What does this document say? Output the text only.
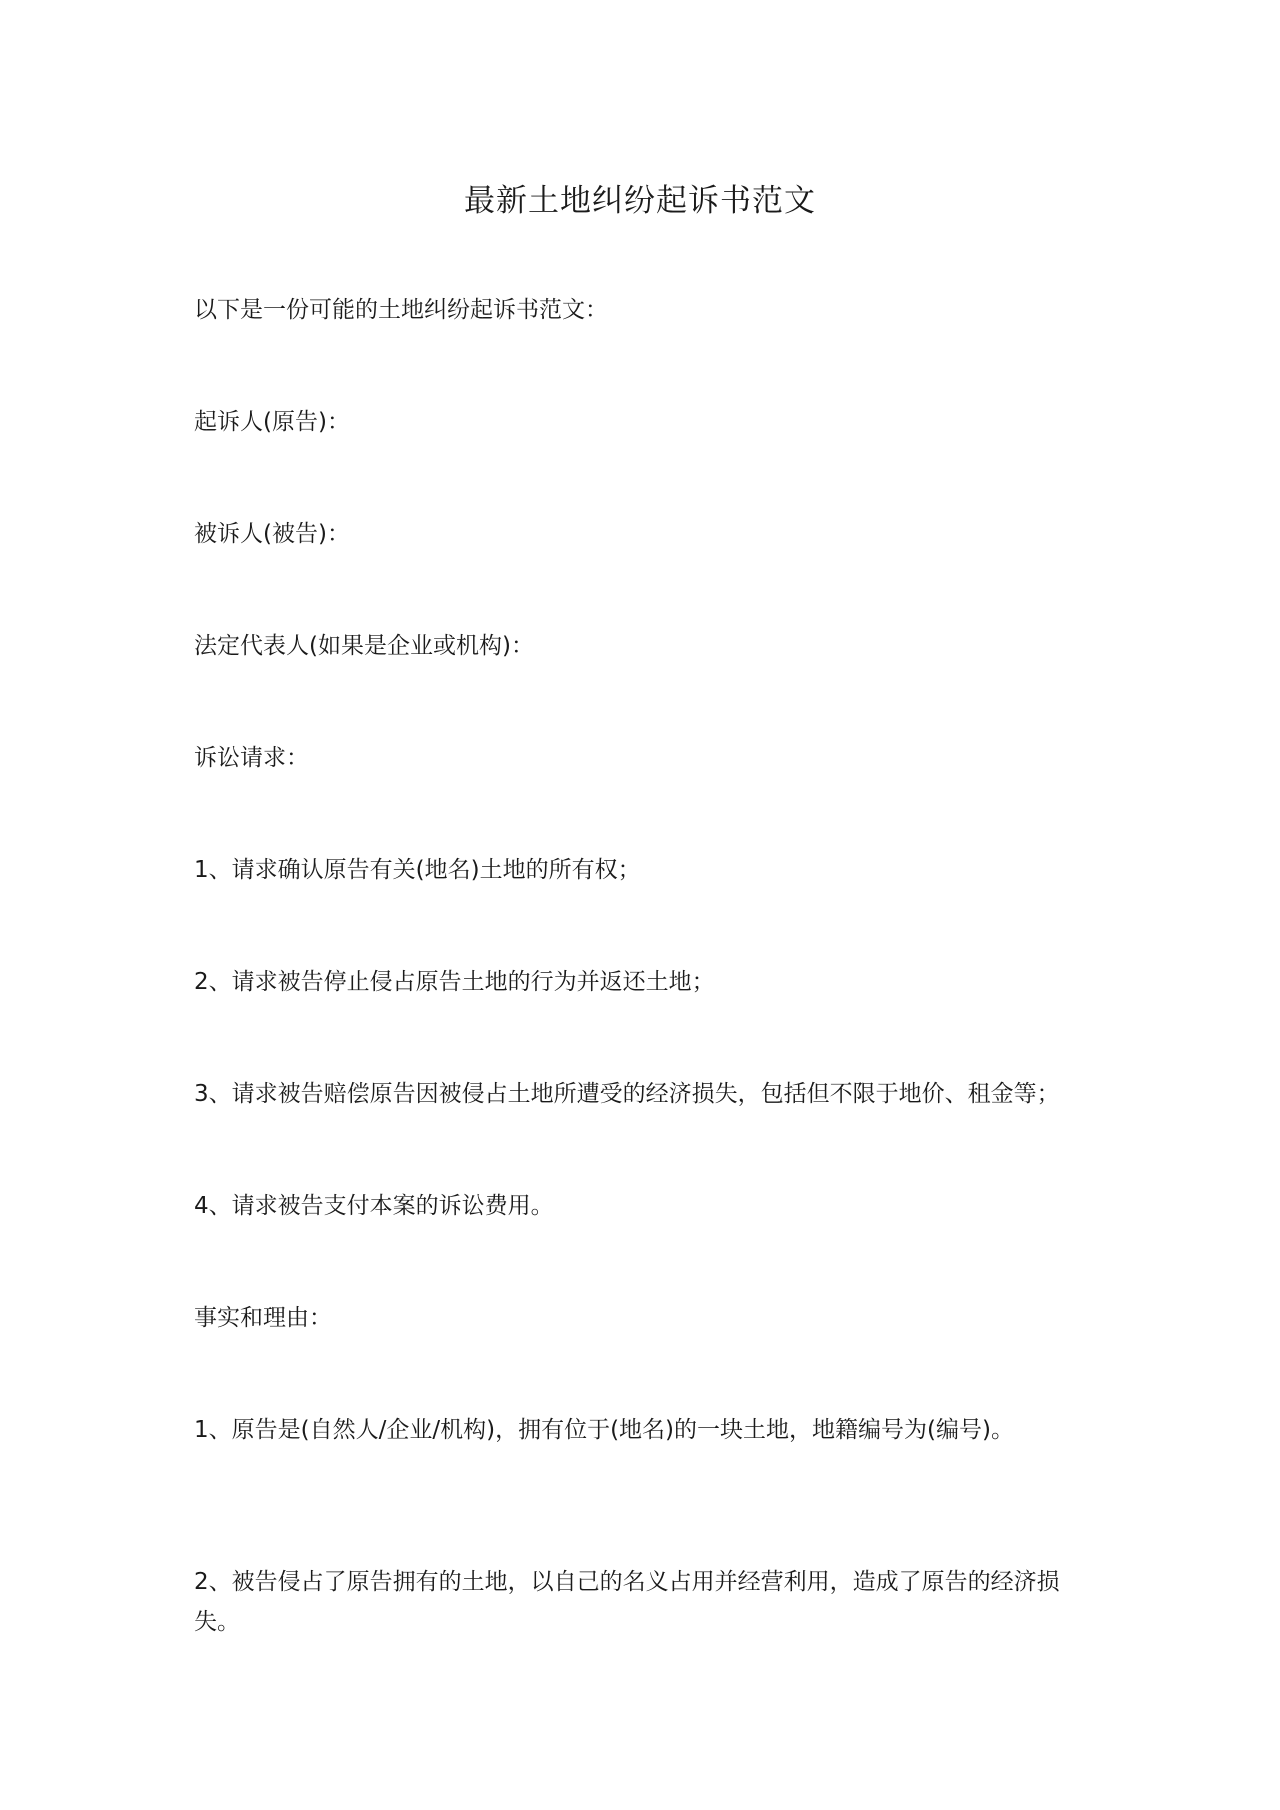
最新土地纠纷起诉书范文
以下是一份可能的土地纠纷起诉书范文：
起诉人(原告)：
被诉人(被告)：
法定代表人(如果是企业或机构)：
诉讼请求：
1、请求确认原告有关(地名)土地的所有权；
2、请求被告停止侵占原告土地的行为并返还土地；
3、请求被告赔偿原告因被侵占土地所遭受的经济损失，包括但不限于地价、租金等；
4、请求被告支付本案的诉讼费用。
事实和理由：
1、原告是(自然人/企业/机构)，拥有位于(地名)的一块土地，地籍编号为(编号)。
2、被告侵占了原告拥有的土地，以自己的名义占用并经营利用，造成了原告的经济损失。
